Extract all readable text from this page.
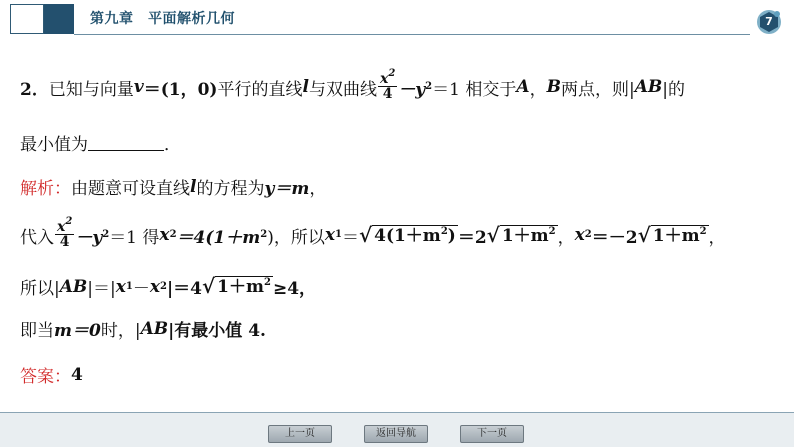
第九章　平面解析几何	7
2． 已知与向量 v ＝(1，0) 平行的直线 l 与双曲线 $\frac{x^2}{4} -y$ 2 ＝1 相交于 A ， B 两点，则| AB |的
最小值为	．
解析： 由题意可设直线 l 的方程为 y＝m ，
代入 $\frac{x^2}{4} -y$ 2 ＝1 得 x 2 ＝4(1＋m 2 )，所以 x 1 ＝ √ $4(1+m^2) =2$ √ $1+m^2$ ， x 2 ＝－2 √ $1+m^2$ ，
所以| AB |＝| x 1 － x 2 |＝4 √ $1+m^2 \ge 4$，
即当 m＝0 时，| AB |有最小值 4.
答案： 4
上一页	返回导航	下一页
